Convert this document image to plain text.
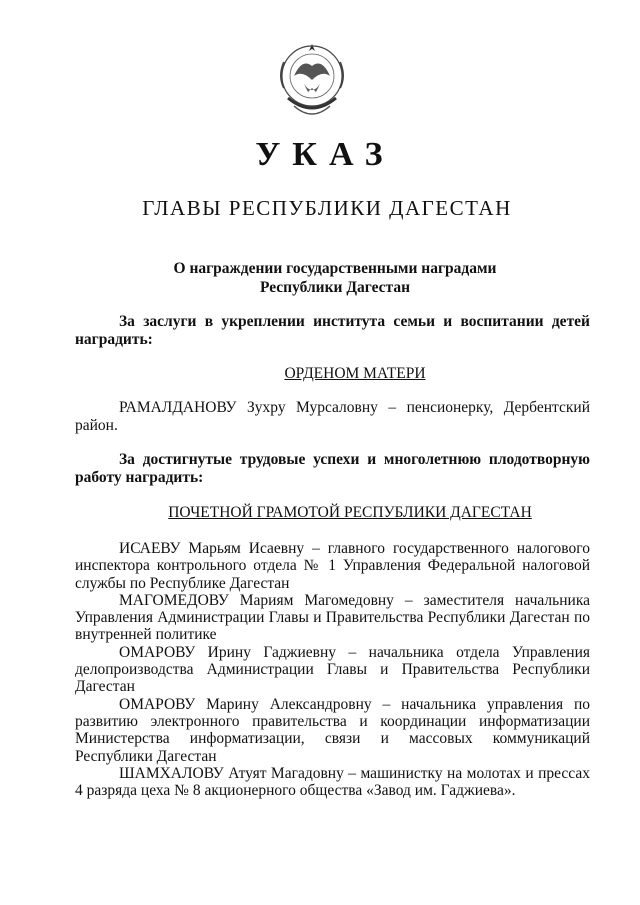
УКАЗ
ГЛАВЫ РЕСПУБЛИКИ ДАГЕСТАН
О награждении государственными наградами
Республики Дагестан
За заслуги в укреплении института семьи и воспитании детей наградить:
ОРДЕНОМ МАТЕРИ
РАМАЛДАНОВУ Зухру Мурсаловну – пенсионерку, Дербентский район.
За достигнутые трудовые успехи и многолетнюю плодотворную работу наградить:
ПОЧЕТНОЙ ГРАМОТОЙ РЕСПУБЛИКИ ДАГЕСТАН

ИСАЕВУ Марьям Исаевну – главного государственного налогового инспектора контрольного отдела № 1 Управления Федеральной налоговой службы по Республике Дагестан

МАГОМЕДОВУ Мариям Магомедовну – заместителя начальника Управления Администрации Главы и Правительства Республики Дагестан по внутренней политике

ОМАРОВУ Ирину Гаджиевну – начальника отдела Управления делопроизводства Администрации Главы и Правительства Республики Дагестан

ОМАРОВУ Марину Александровну – начальника управления по развитию электронного правительства и координации информатизации Министерства информатизации, связи и массовых коммуникаций Республики Дагестан

ШАМХАЛОВУ Атуят Магадовну – машинистку на молотах и прессах 4 разряда цеха № 8 акционерного общества «Завод им. Гаджиева».
